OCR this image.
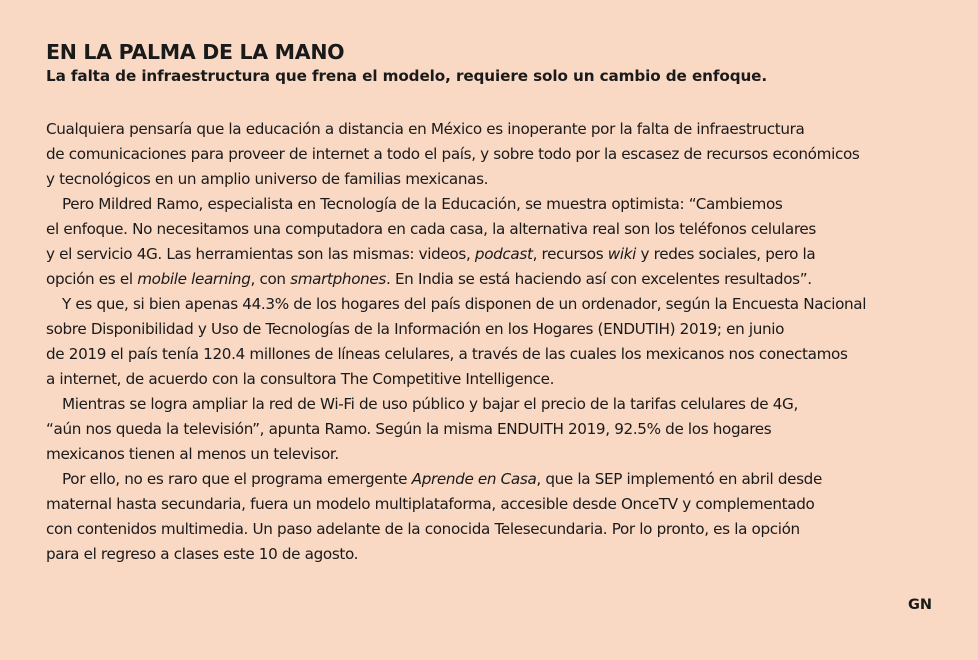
EN LA PALMA DE LA MANO
La falta de infraestructura que frena el modelo, requiere solo un cambio de enfoque.

Cualquiera pensaría que la educación a distancia en México es inoperante por la falta de infraestructura
de comunicaciones para proveer de internet a todo el país, y sobre todo por la escasez de recursos económicos
y tecnológicos en un amplio universo de familias mexicanas.

Pero Mildred Ramo, especialista en Tecnología de la Educación, se muestra optimista: “Cambiemos
el enfoque. No necesitamos una computadora en cada casa, la alternativa real son los teléfonos celulares
y el servicio 4G. Las herramientas son las mismas: videos, podcast, recursos wiki y redes sociales, pero la
opción es el mobile learning, con smartphones. En India se está haciendo así con excelentes resultados”.

Y es que, si bien apenas 44.3% de los hogares del país disponen de un ordenador, según la Encuesta Nacional
sobre Disponibilidad y Uso de Tecnologías de la Información en los Hogares (ENDUTIH) 2019; en junio
de 2019 el país tenía 120.4 millones de líneas celulares, a través de las cuales los mexicanos nos conectamos
a internet, de acuerdo con la consultora The Competitive Intelligence.

Mientras se logra ampliar la red de Wi-Fi de uso público y bajar el precio de la tarifas celulares de 4G,
“aún nos queda la televisión”, apunta Ramo. Según la misma ENDUITH 2019, 92.5% de los hogares
mexicanos tienen al menos un televisor.

Por ello, no es raro que el programa emergente Aprende en Casa, que la SEP implementó en abril desde
maternal hasta secundaria, fuera un modelo multiplataforma, accesible desde OnceTV y complementado
con contenidos multimedia. Un paso adelante de la conocida Telesecundaria. Por lo pronto, es la opción
para el regreso a clases este 10 de agosto.

GN
